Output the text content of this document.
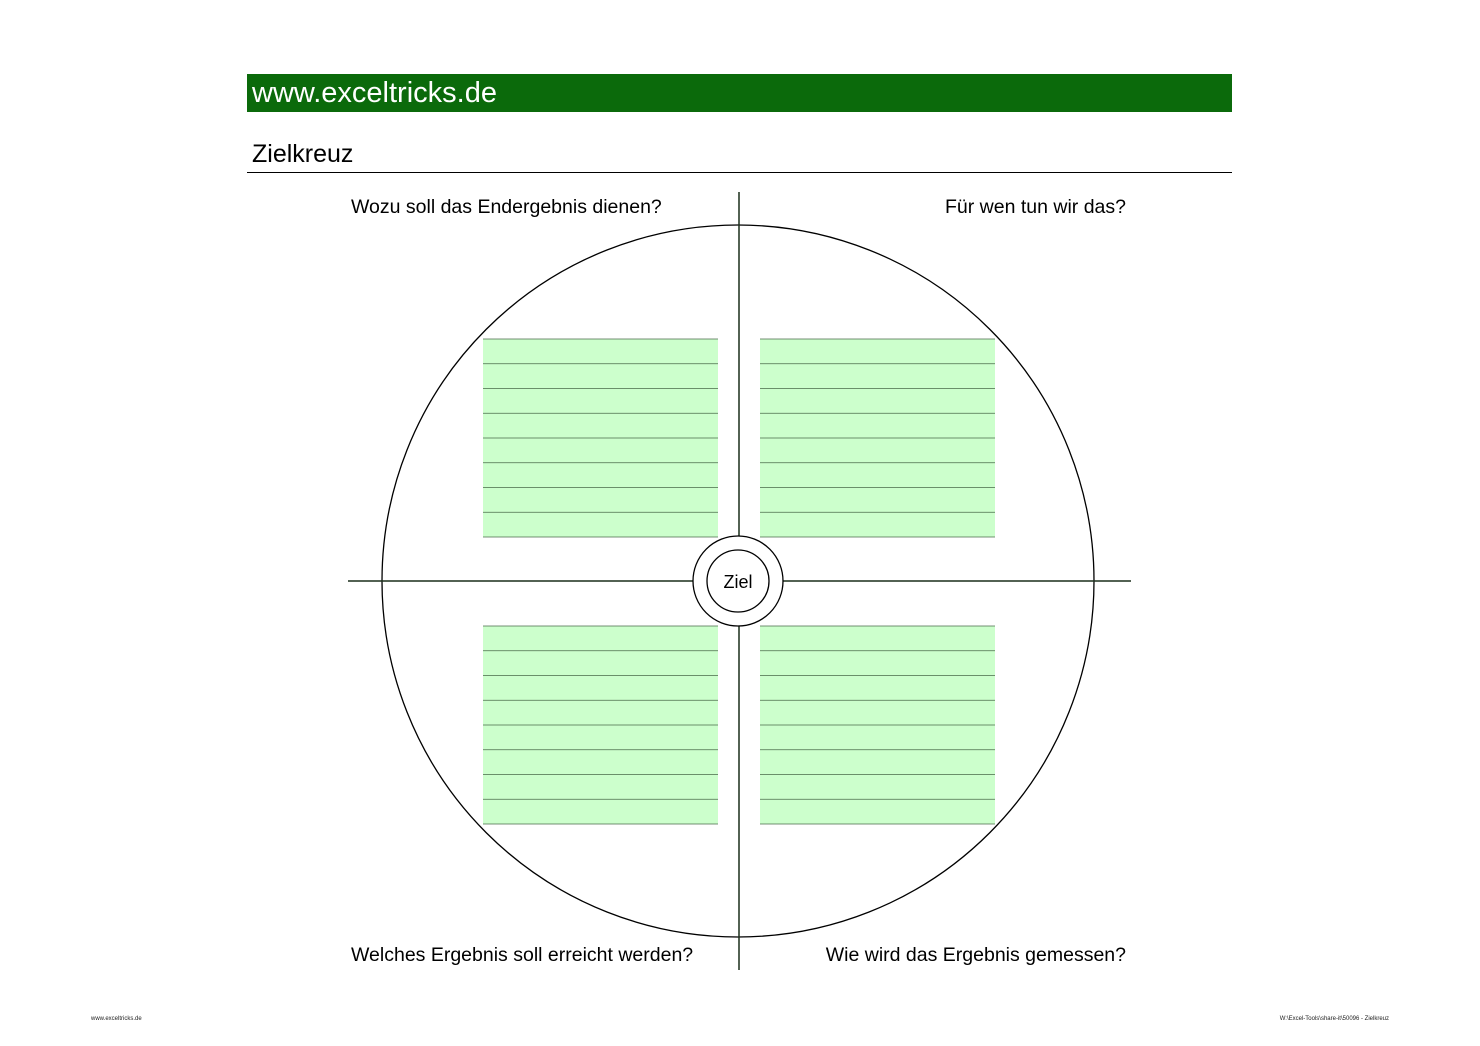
www.exceltricks.de
Zielkreuz
Wozu soll das Endergebnis dienen?	Für wen tun wir das?
Welches Ergebnis soll erreicht werden?	Wie wird das Ergebnis gemessen?
Ziel
www.exceltricks.de	W:\Excel-Tools\share-it\50096 - Zielkreuz
